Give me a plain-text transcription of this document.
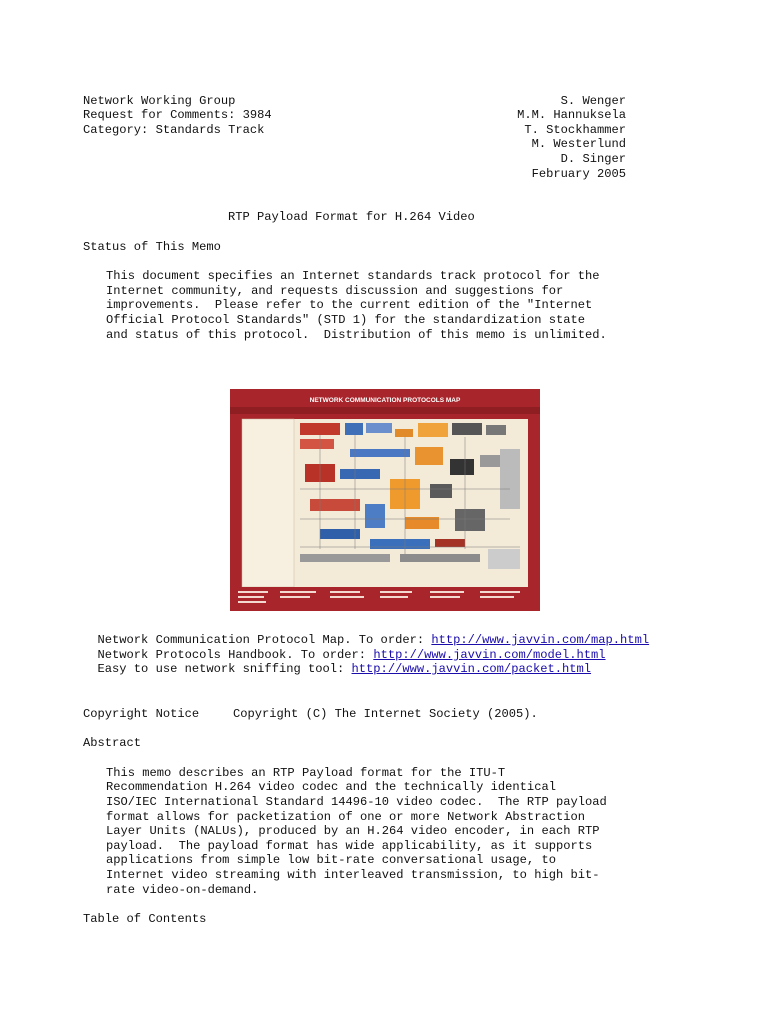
Network Working Group
Request for Comments: 3984
Category: Standards Track
S. Wenger
M.M. Hannuksela
T. Stockhammer
M. Westerlund
D. Singer
February 2005
RTP Payload Format for H.264 Video
Status of This Memo
This document specifies an Internet standards track protocol for the
Internet community, and requests discussion and suggestions for
improvements.  Please refer to the current edition of the "Internet
Official Protocol Standards" (STD 1) for the standardization state
and status of this protocol.  Distribution of this memo is unlimited.
NETWORK COMMUNICATION PROTOCOLS MAP

Network Communication Protocol Map. To order: http://www.javvin.com/map.html

Network Protocols Handbook. To order: http://www.javvin.com/model.html

Easy to use network sniffing tool: http://www.javvin.com/packet.html

Copyright Notice	Copyright (C) The Internet Society (2005).
Abstract
This memo describes an RTP Payload format for the ITU-T
Recommendation H.264 video codec and the technically identical
ISO/IEC International Standard 14496-10 video codec.  The RTP payload
format allows for packetization of one or more Network Abstraction
Layer Units (NALUs), produced by an H.264 video encoder, in each RTP
payload.  The payload format has wide applicability, as it supports
applications from simple low bit-rate conversational usage, to
Internet video streaming with interleaved transmission, to high bit-
rate video-on-demand.
Table of Contents
